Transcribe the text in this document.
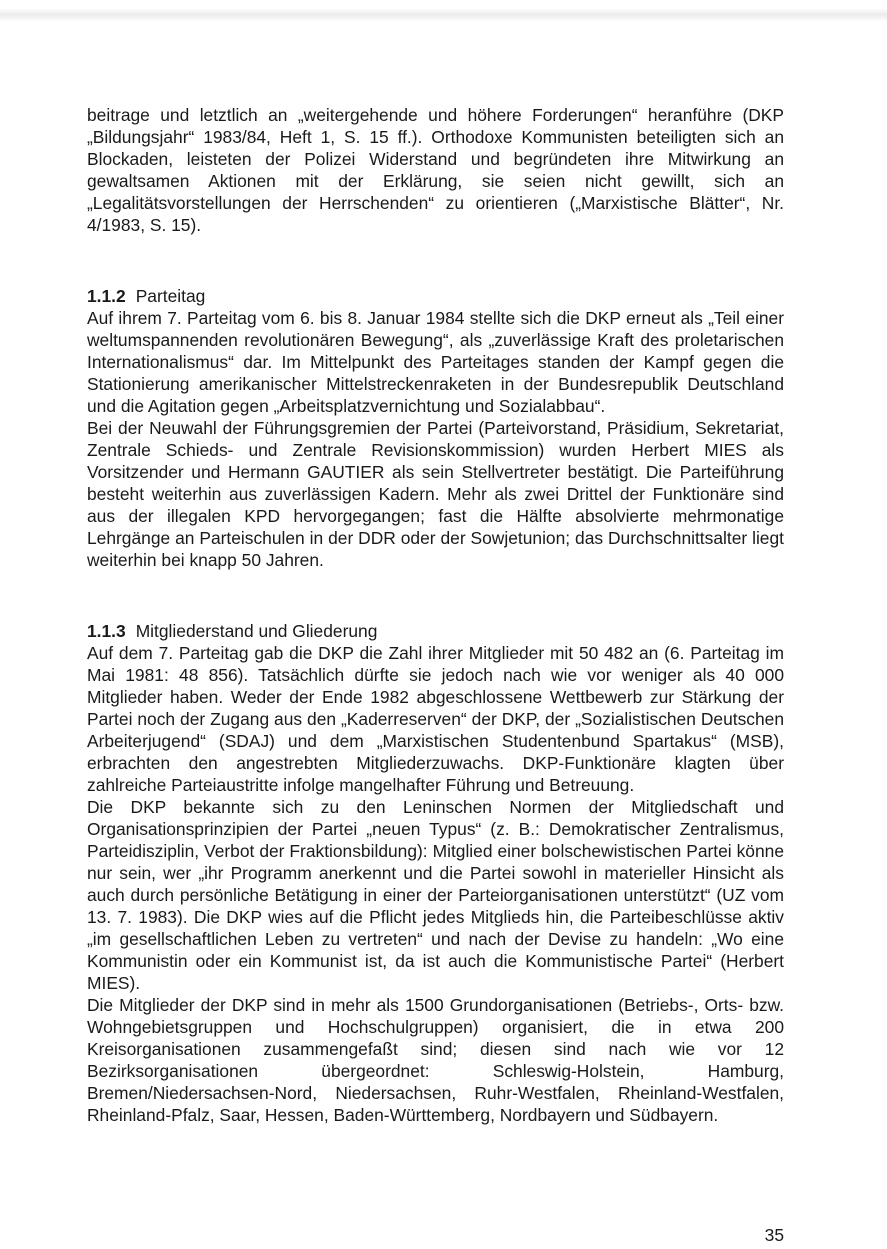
beitrage und letztlich an „weitergehende und höhere Forderungen“ heranführe (DKP „Bildungsjahr“ 1983/84, Heft 1, S. 15 ff.). Orthodoxe Kommunisten beteiligten sich an Blockaden, leisteten der Polizei Widerstand und begründeten ihre Mitwirkung an gewaltsamen Aktionen mit der Erklärung, sie seien nicht gewillt, sich an „Legalitätsvorstellungen der Herrschenden“ zu orientieren („Marxistische Blätter“, Nr. 4/1983, S. 15).

1.1.2 Parteitag

Auf ihrem 7. Parteitag vom 6. bis 8. Januar 1984 stellte sich die DKP erneut als „Teil einer weltumspannenden revolutionären Bewegung“, als „zuverlässige Kraft des proletarischen Internationalismus“ dar. Im Mittelpunkt des Parteitages standen der Kampf gegen die Stationierung amerikanischer Mittelstreckenraketen in der Bundesrepublik Deutschland und die Agitation gegen „Arbeitsplatzvernichtung und Sozialabbau“.

Bei der Neuwahl der Führungsgremien der Partei (Parteivorstand, Präsidium, Sekretariat, Zentrale Schieds- und Zentrale Revisionskommission) wurden Herbert MIES als Vorsitzender und Hermann GAUTIER als sein Stellvertreter bestätigt. Die Parteiführung besteht weiterhin aus zuverlässigen Kadern. Mehr als zwei Drittel der Funktionäre sind aus der illegalen KPD hervorgegangen; fast die Hälfte absolvierte mehrmonatige Lehrgänge an Parteischulen in der DDR oder der Sowjetunion; das Durchschnittsalter liegt weiterhin bei knapp 50 Jahren.

1.1.3 Mitgliederstand und Gliederung

Auf dem 7. Parteitag gab die DKP die Zahl ihrer Mitglieder mit 50 482 an (6. Parteitag im Mai 1981: 48 856). Tatsächlich dürfte sie jedoch nach wie vor weniger als 40 000 Mitglieder haben. Weder der Ende 1982 abgeschlossene Wettbewerb zur Stärkung der Partei noch der Zugang aus den „Kaderreserven“ der DKP, der „Sozialistischen Deutschen Arbeiterjugend“ (SDAJ) und dem „Marxistischen Studentenbund Spartakus“ (MSB), erbrachten den angestrebten Mitgliederzuwachs. DKP-Funktionäre klagten über zahlreiche Parteiaustritte infolge mangelhafter Führung und Betreuung.

Die DKP bekannte sich zu den Leninschen Normen der Mitgliedschaft und Organisationsprinzipien der Partei „neuen Typus“ (z. B.: Demokratischer Zentralismus, Parteidisziplin, Verbot der Fraktionsbildung): Mitglied einer bolschewistischen Partei könne nur sein, wer „ihr Programm anerkennt und die Partei sowohl in materieller Hinsicht als auch durch persönliche Betätigung in einer der Parteiorganisationen unterstützt“ (UZ vom 13. 7. 1983). Die DKP wies auf die Pflicht jedes Mitglieds hin, die Parteibeschlüsse aktiv „im gesellschaftlichen Leben zu vertreten“ und nach der Devise zu handeln: „Wo eine Kommunistin oder ein Kommunist ist, da ist auch die Kommunistische Partei“ (Herbert MIES).

Die Mitglieder der DKP sind in mehr als 1500 Grundorganisationen (Betriebs-, Orts- bzw. Wohngebietsgruppen und Hochschulgruppen) organisiert, die in etwa 200 Kreisorganisationen zusammengefaßt sind; diesen sind nach wie vor 12 Bezirksorganisationen übergeordnet: Schleswig-Holstein, Hamburg, Bremen/Niedersachsen-Nord, Niedersachsen, Ruhr-Westfalen, Rheinland-Westfalen, Rheinland-Pfalz, Saar, Hessen, Baden-Württemberg, Nordbayern und Südbayern.

35
